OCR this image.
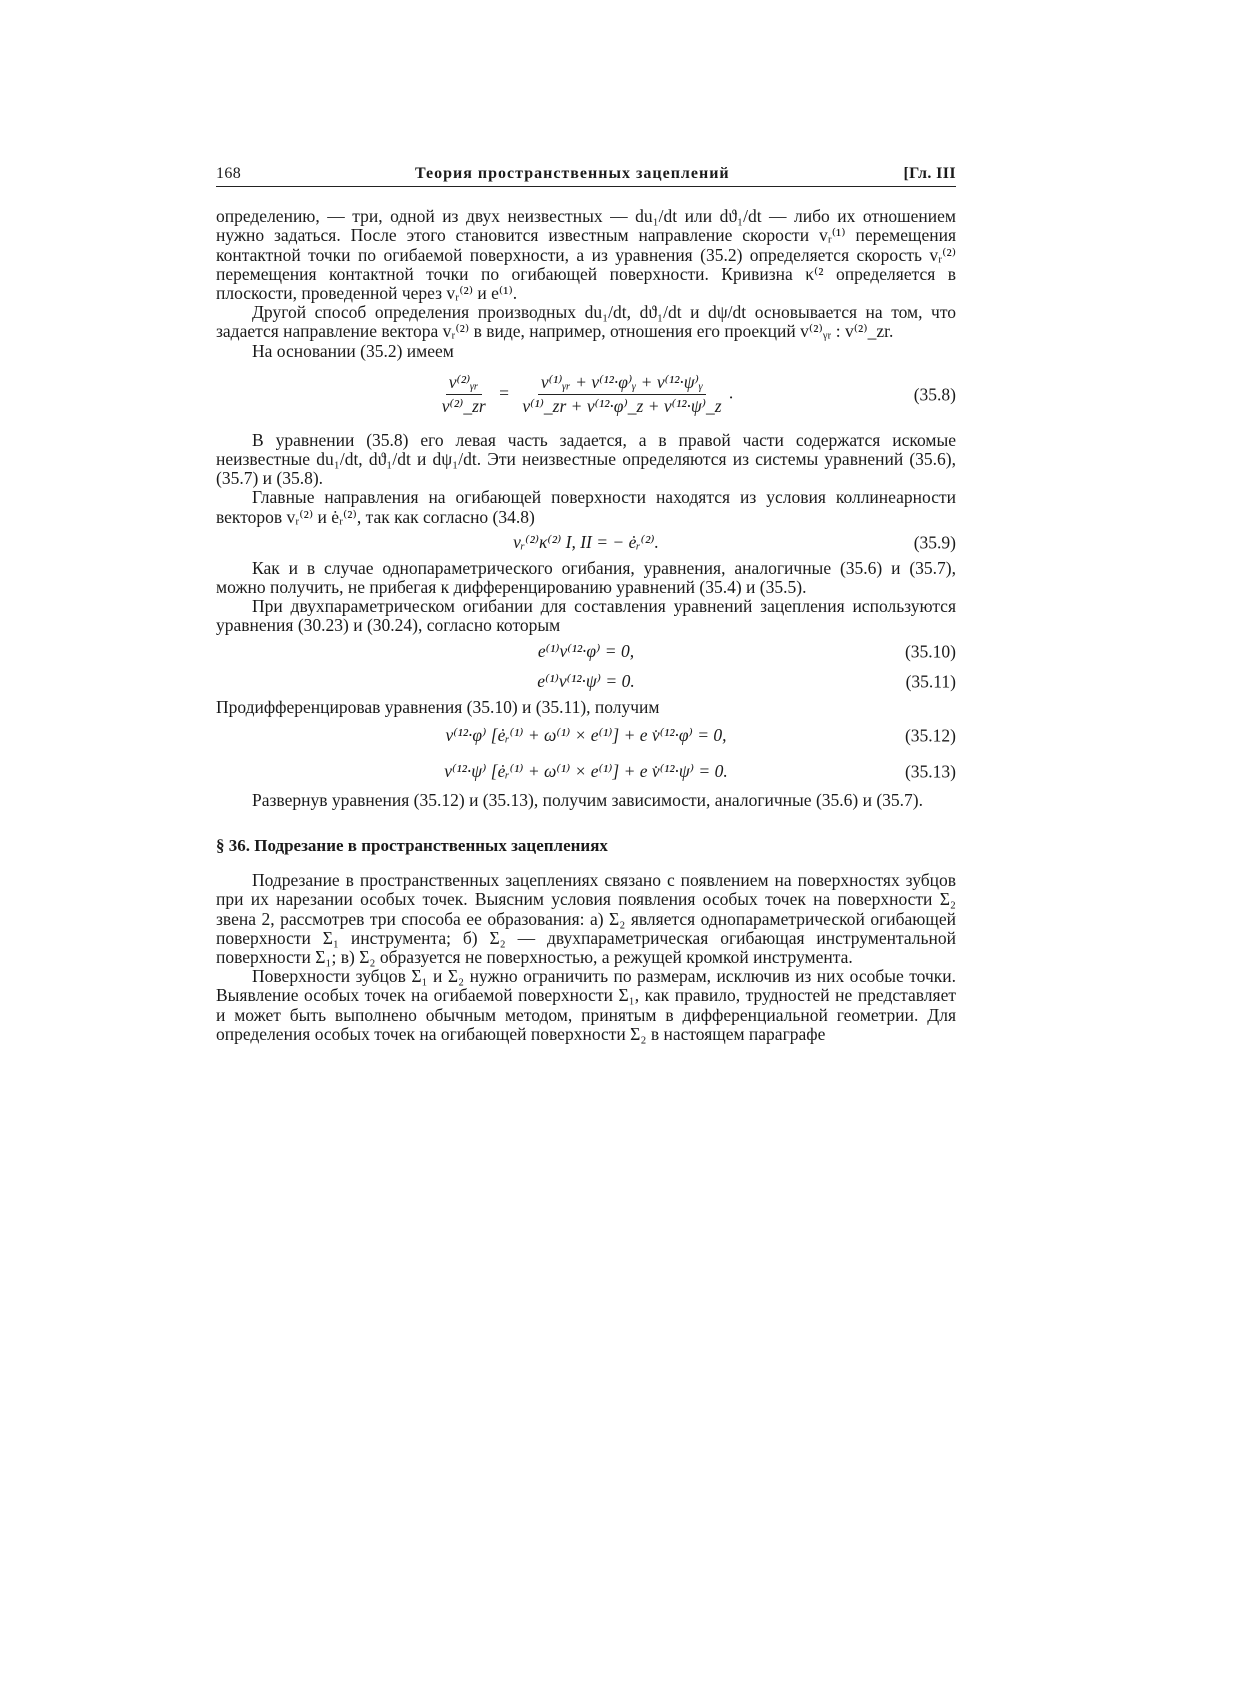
168	Теория пространственных зацеплений	[Гл. III

определению, — три, одной из двух неизвестных — du₁/dt или dϑ₁/dt — либо их отношением нужно задаться. После этого становится известным направление скорости vᵣ⁽¹⁾ перемещения контактной точки по огибаемой поверхности, а из уравнения (35.2) определяется скорость vᵣ⁽²⁾ перемещения контактной точки по огибающей поверхности. Кривизна κ⁽² определяется в плоскости, проведенной через vᵣ⁽²⁾ и e⁽¹⁾.

Другой способ определения производных du₁/dt, dϑ₁/dt и dψ/dt основывается на том, что задается направление вектора vᵣ⁽²⁾ в виде, например, отношения его проекций v⁽²⁾ᵧᵣ : v⁽²⁾_zr.

На основании (35.2) имеем

$\frac{\text{v⁽²⁾ᵧᵣ}}{\text{v⁽²⁾\_zr}} = \frac{\text{v⁽¹⁾ᵧᵣ + v⁽¹²·φ⁾ᵧ + v⁽¹²·ψ⁾ᵧ}}{\text{v⁽¹⁾\_zr + v⁽¹²·φ⁾\_z + v⁽¹²·ψ⁾\_z}}$ .	(35.8)

В уравнении (35.8) его левая часть задается, а в правой части содержатся искомые неизвестные du₁/dt, dϑ₁/dt и dψ₁/dt. Эти неизвестные определяются из системы уравнений (35.6), (35.7) и (35.8).

Главные направления на огибающей поверхности находятся из условия коллинеарности векторов vᵣ⁽²⁾ и ėᵣ⁽²⁾, так как согласно (34.8)

vᵣ⁽²⁾κ⁽²⁾ I, II = − ėᵣ⁽²⁾.	(35.9)

Как и в случае однопараметрического огибания, уравнения, аналогичные (35.6) и (35.7), можно получить, не прибегая к дифференцированию уравнений (35.4) и (35.5).

При двухпараметрическом огибании для составления уравнений зацепления используются уравнения (30.23) и (30.24), согласно которым

e⁽¹⁾v⁽¹²·φ⁾ = 0,	(35.10)
e⁽¹⁾v⁽¹²·ψ⁾ = 0.	(35.11)

Продифференцировав уравнения (35.10) и (35.11), получим

v⁽¹²·φ⁾ [ėᵣ⁽¹⁾ + ω⁽¹⁾ × e⁽¹⁾] + e v̇⁽¹²·φ⁾ = 0,	(35.12)
v⁽¹²·ψ⁾ [ėᵣ⁽¹⁾ + ω⁽¹⁾ × e⁽¹⁾] + e v̇⁽¹²·ψ⁾ = 0.	(35.13)

Развернув уравнения (35.12) и (35.13), получим зависимости, аналогичные (35.6) и (35.7).

§ 36. Подрезание в пространственных зацеплениях

Подрезание в пространственных зацеплениях связано с появлением на поверхностях зубцов при их нарезании особых точек. Выясним условия появления особых точек на поверхности Σ₂ звена 2, рассмотрев три способа ее образования: а) Σ₂ является однопараметрической огибающей поверхности Σ₁ инструмента; б) Σ₂ — двухпараметрическая огибающая инструментальной поверхности Σ₁; в) Σ₂ образуется не поверхностью, а режущей кромкой инструмента.

Поверхности зубцов Σ₁ и Σ₂ нужно ограничить по размерам, исключив из них особые точки. Выявление особых точек на огибаемой поверхности Σ₁, как правило, трудностей не представляет и может быть выполнено обычным методом, принятым в дифференциальной геометрии. Для определения особых точек на огибающей поверхности Σ₂ в настоящем параграфе
